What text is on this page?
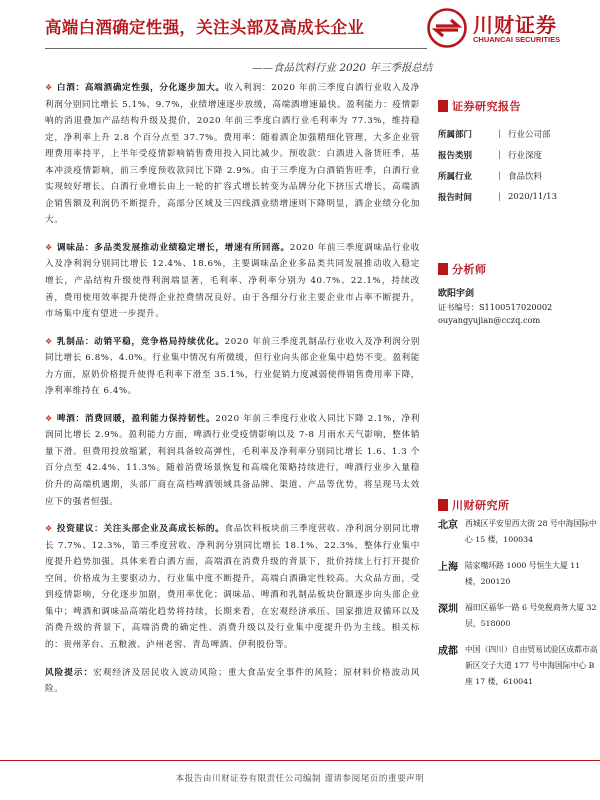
高端白酒确定性强，关注头部及高成长企业
——食品饮料行业 2020 年三季报总结
川财证券
CHUANCAI SECURITIES

❖ 白酒：高端酒确定性强，分化逐步加大。收入利润：2020 年前三季度白酒行业收入及净利润分别同比增长 5.1%、9.7%，业绩增速逐步放缓，高端酒增速最快。盈利能力：疫情影响的消退叠加产品结构升级及提价，2020 年前三季度白酒行业毛利率为 77.3%，维持稳定，净利率上升 2.8 个百分点至 37.7%。费用率：随着酒企加强精细化管理，大多企业管理费用率持平，上半年受疫情影响销售费用投入同比减少。预收款：白酒进入备货旺季，基本冲淡疫情影响，前三季度预收款同比下降 2.9%。由于三季度为白酒销售旺季，白酒行业实现较好增长。白酒行业增长由上一轮的扩容式增长转变为品牌分化下挤压式增长，高端酒企销售额及利润仍不断提升，高部分区域及三四线酒业绩增速则下降明显，酒企业绩分化加大。

❖ 调味品：多品类发展推动业绩稳定增长，增速有所回落。2020 年前三季度调味品行业收入及净利润分别同比增长 12.4%、18.6%，主要调味品企业多品类共同发展推动收入稳定增长，产品结构升级使得利润端显著，毛利率、净利率分别为 40.7%、22.1%，持续改善，费用使用效率提升使得企业控费情况良好。由于各细分行业主要企业市占率不断提升，市场集中度有望进一步提升。

❖ 乳制品：动销平稳，竞争格局持续优化。2020 年前三季度乳制品行业收入及净利润分别同比增长 6.8%、4.0%。行业集中情况有所微缓，但行业向头部企业集中趋势不变。盈利能力方面，原奶价格提升使得毛利率下滑至 35.1%，行业促销力度减弱使得销售费用率下降，净利率维持在 6.4%。

❖ 啤酒：消费回暖，盈利能力保持韧性。2020 年前三季度行业收入同比下降 2.1%，净利润同比增长 2.9%。盈利能力方面，啤酒行业受疫情影响以及 7-8 月雨水天气影响，整体销量下滑。但费用投放缩紧，利润具备较高弹性，毛利率及净利率分别同比增长 1.6、1.3 个百分点至 42.4%、11.3%。随着消费场景恢复和高端化策略持续进行，啤酒行业步入量稳价升的高端机遇期，头部厂商在高档啤酒领域具备品牌、渠道、产品等优势，将呈现马太效应下的强者恒强。

❖ 投资建议：关注头部企业及高成长标的。食品饮料板块前三季度营收、净利润分别同比增长 7.7%、12.3%，第三季度营收、净利润分别同比增长 18.1%、22.3%，整体行业集中度提升趋势加强。具体来看白酒方面，高端酒在消费升级的背景下，批价持续上行打开提价空间，价格成为主要驱动力，行业集中度不断提升，高端白酒确定性较高。大众品方面，受到疫情影响，分化逐步加剧，费用率优化；调味品、啤酒和乳制品板块份额逐步向头部企业集中；啤酒和调味品高端化趋势将持续，长期来看，在宏观经济承压、国家推进双循环以及消费升级的背景下，高端消费的确定性、消费升级以及行业集中度提升仍为主线。相关标的：贵州茅台、五粮液、泸州老窖、青岛啤酒、伊利股份等。

风险提示：宏观经济及居民收入波动风险；重大食品安全事件的风险；原材料价格波动风险。

证券研究报告
所属部门	| 行业公司部
报告类别	| 行业深度
所属行业	| 食品饮料
报告时间	| 2020/11/13
分析师
欧阳宇剑
证书编号：S1100517020002
ouyangyujian@cczq.com
川财研究所
北京 西城区平安里西大街 28 号中海国际中心 15 楼，100034
上海 陆家嘴环路 1000 号恒生大厦 11 楼，200120
深圳 福田区福华一路 6 号免税商务大厦 32 层，518000
成都 中国（四川）自由贸易试验区成都市高新区交子大道 177 号中海国际中心 B 座 17 楼，610041
本报告由川财证券有限责任公司编制 谨请参阅尾页的重要声明
